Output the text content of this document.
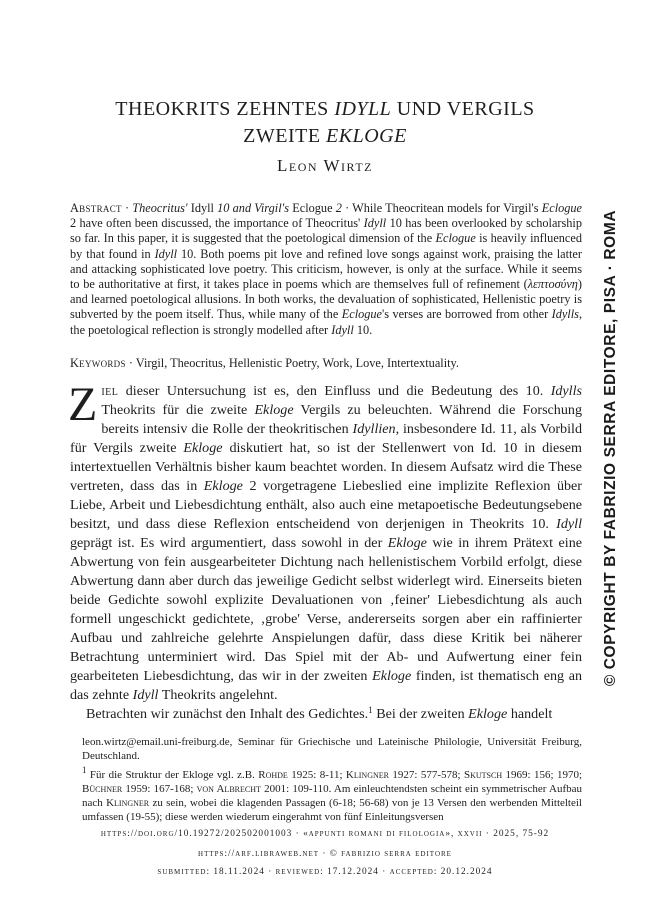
THEOKRITS ZEHNTES IDYLL UND VERGILS
ZWEITE EKLOGE
Leon Wirtz
Abstract · Theocritus' Idyll 10 and Virgil's Eclogue 2 · While Theocritean models for Virgil's Eclogue 2 have often been discussed, the importance of Theocritus' Idyll 10 has been overlooked by scholarship so far. In this paper, it is suggested that the poetological dimension of the Eclogue is heavily influenced by that found in Idyll 10. Both poems pit love and refined love songs against work, praising the latter and attacking sophisticated love poetry. This criticism, however, is only at the surface. While it seems to be authoritative at first, it takes place in poems which are themselves full of refinement (λεπτοσύνη) and learned poetological allusions. In both works, the devaluation of sophisticated, Hellenistic poetry is subverted by the poem itself. Thus, while many of the Eclogue's verses are borrowed from other Idylls, the poetological reflection is strongly modelled after Idyll 10.
Keywords · Virgil, Theocritus, Hellenistic Poetry, Work, Love, Intertextuality.

Ziel dieser Untersuchung ist es, den Einfluss und die Bedeutung des 10. Idylls Theokrits für die zweite Ekloge Vergils zu beleuchten. Während die Forschung bereits intensiv die Rolle der theokritischen Idyllien, insbesondere Id. 11, als Vorbild für Vergils zweite Ekloge diskutiert hat, so ist der Stellenwert von Id. 10 in diesem intertextuellen Verhältnis bisher kaum beachtet worden. In diesem Aufsatz wird die These vertreten, dass das in Ekloge 2 vorgetragene Liebeslied eine implizite Reflexion über Liebe, Arbeit und Liebesdichtung enthält, also auch eine metapoetische Bedeutungsebene besitzt, und dass diese Reflexion entscheidend von derjenigen in Theokrits 10. Idyll geprägt ist. Es wird argumentiert, dass sowohl in der Ekloge wie in ihrem Prätext eine Abwertung von fein ausgearbeiteter Dichtung nach hellenistischem Vorbild erfolgt, diese Abwertung dann aber durch das jeweilige Gedicht selbst widerlegt wird. Einerseits bieten beide Gedichte sowohl explizite Devaluationen von ‚feiner' Liebesdichtung als auch formell ungeschickt gedichtete, ‚grobe' Verse, andererseits sorgen aber ein raffinierter Aufbau und zahlreiche gelehrte Anspielungen dafür, dass diese Kritik bei näherer Betrachtung unterminiert wird. Das Spiel mit der Ab- und Aufwertung einer fein gearbeiteten Liebesdichtung, das wir in der zweiten Ekloge finden, ist thematisch eng an das zehnte Idyll Theokrits angelehnt.

Betrachten wir zunächst den Inhalt des Gedichtes.$^1$ Bei der zweiten Ekloge handelt

leon.wirtz@email.uni-freiburg.de, Seminar für Griechische und Lateinische Philologie, Universität Freiburg, Deutschland.
$^1$ Für die Struktur der Ekloge vgl. z.B. Rohde 1925: 8-11; Klingner 1927: 577-578; Skutsch 1969: 156; 1970; Büchner 1959: 167-168; von Albrecht 2001: 109-110. Am einleuchtendsten scheint ein symmetrischer Aufbau nach Klingner zu sein, wobei die klagenden Passagen (6-18; 56-68) von je 13 Versen den werbenden Mittelteil umfassen (19-55); diese werden wiederum eingerahmt von fünf Einleitungsversen
https://doi.org/10.19272/202502001003 · «appunti romani di filologia», xxvii · 2025, 75-92
https://arf.libraweb.net · © fabrizio serra editore
submitted: 18.11.2024 · reviewed: 17.12.2024 · accepted: 20.12.2024
© COPYRIGHT BY FABRIZIO SERRA EDITORE, PISA · ROMA
